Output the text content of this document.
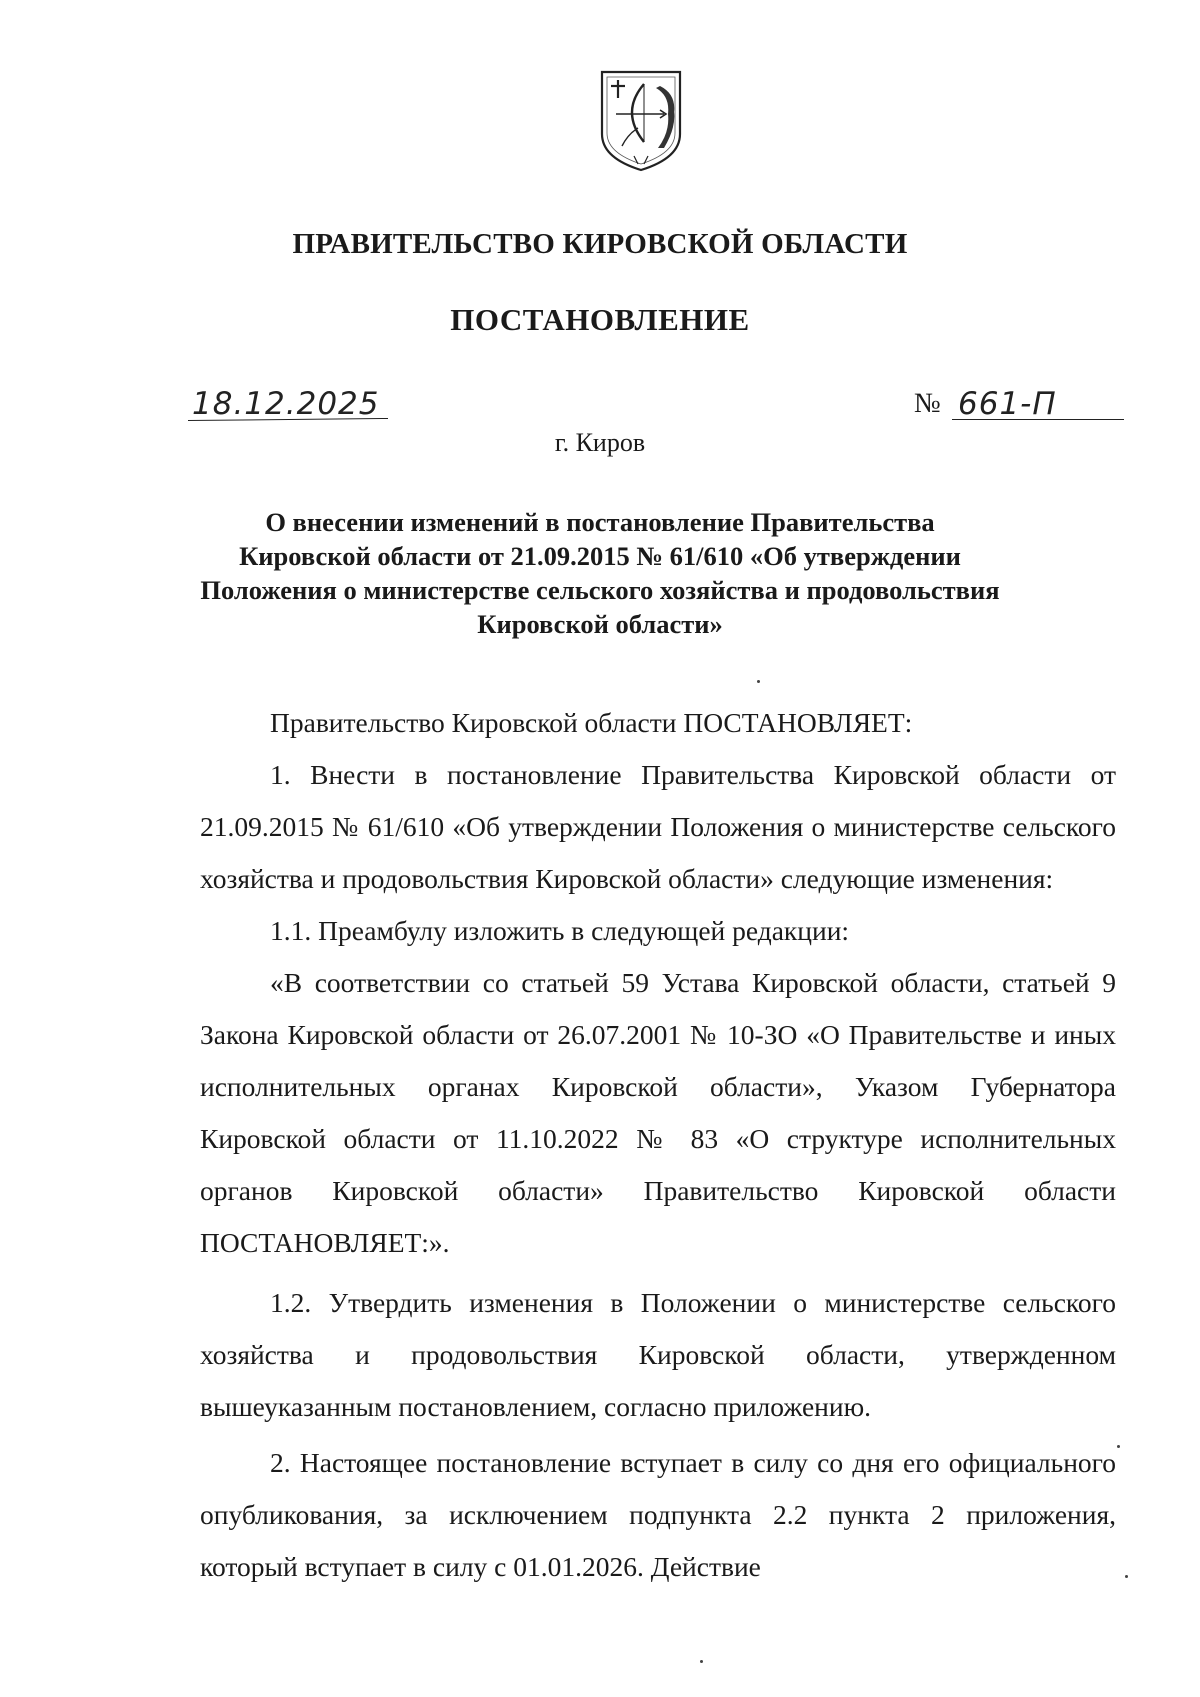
ПРАВИТЕЛЬСТВО КИРОВСКОЙ ОБЛАСТИ
ПОСТАНОВЛЕНИЕ
18.12.2025	№ 661-П
г. Киров
О внесении изменений в постановление Правительства
Кировской области от 21.09.2015 № 61/610 «Об утверждении
Положения о министерстве сельского хозяйства и продовольствия
Кировской области»

Правительство Кировской области ПОСТАНОВЛЯЕТ:

1. Внести в постановление Правительства Кировской области от 21.09.2015 № 61/610 «Об утверждении Положения о министерстве сельского хозяйства и продовольствия Кировской области» следующие изменения:

1.1. Преамбулу изложить в следующей редакции:

«В соответствии со статьей 59 Устава Кировской области, статьей 9 Закона Кировской области от 26.07.2001 № 10-ЗО «О Правительстве и иных исполнительных органах Кировской области», Указом Губернатора Кировской области от 11.10.2022 № 83 «О структуре исполнительных органов Кировской области» Правительство Кировской области ПОСТАНОВЛЯЕТ:».

1.2. Утвердить изменения в Положении о министерстве сельского хозяйства и продовольствия Кировской области, утвержденном вышеуказанным постановлением, согласно приложению.

2. Настоящее постановление вступает в силу со дня его официального опубликования, за исключением подпункта 2.2 пункта 2 приложения, который вступает в силу с 01.01.2026. Действие
